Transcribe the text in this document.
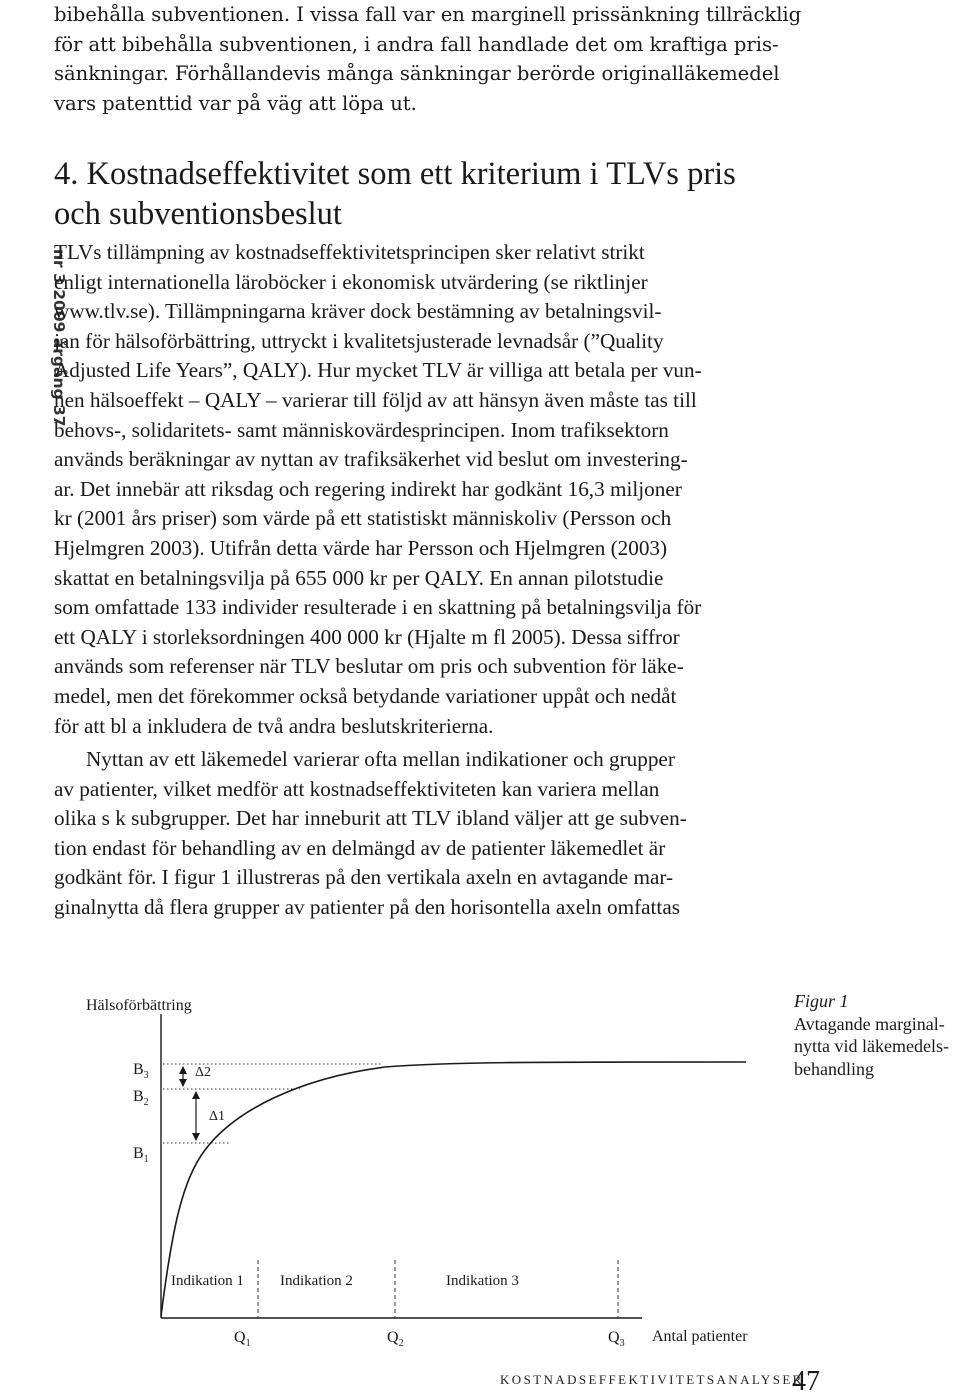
bibehålla subventionen. I vissa fall var en marginell prissänkning tillräcklig
för att bibehålla subventionen, i andra fall handlade det om kraftiga pris-
sänkningar. Förhållandevis många sänkningar berörde originalläkemedel
vars patenttid var på väg att löpa ut.
4. Kostnadseffektivitet som ett kriterium i TLVs pris
och subventionsbeslut
nr 3 2009 årgång 37
TLVs tillämpning av kostnadseffektivitetsprincipen sker relativt strikt
enligt internationella läroböcker i ekonomisk utvärdering (se riktlinjer
www.tlv.se). Tillämpningarna kräver dock bestämning av betalningsvil-
jan för hälsoförbättring, uttryckt i kvalitetsjusterade levnadsår (”Quality
Adjusted Life Years”, QALY). Hur mycket TLV är villiga att betala per vun-
nen hälsoeffekt – QALY – varierar till följd av att hänsyn även måste tas till
behovs-, solidaritets- samt människovärdesprincipen. Inom trafiksektorn
används beräkningar av nyttan av trafiksäkerhet vid beslut om investering-
ar. Det innebär att riksdag och regering indirekt har godkänt 16,3 miljoner
kr (2001 års priser) som värde på ett statistiskt människoliv (Persson och
Hjelmgren 2003). Utifrån detta värde har Persson och Hjelmgren (2003)
skattat en betalningsvilja på 655 000 kr per QALY. En annan pilotstudie
som omfattade 133 individer resulterade i en skattning på betalningsvilja för
ett QALY i storleksordningen 400 000 kr (Hjalte m fl 2005). Dessa siffror
används som referenser när TLV beslutar om pris och subvention för läke-
medel, men det förekommer också betydande variationer uppåt och nedåt
för att bl a inkludera de två andra beslutskriterierna.
Nyttan av ett läkemedel varierar ofta mellan indikationer och grupper
av patienter, vilket medför att kostnadseffektiviteten kan variera mellan
olika s k subgrupper. Det har inneburit att TLV ibland väljer att ge subven-
tion endast för behandling av en delmängd av de patienter läkemedlet är
godkänt för. I figur 1 illustreras på den vertikala axeln en avtagande mar-
ginalnytta då flera grupper av patienter på den horisontella axeln omfattas
Hälsoförbättring
Antal patienter
$B_3$
$B_2$
$B_1$
Δ2
Δ1
Indikation 1 Indikation 2	Indikation 3
$Q_1$	$Q_2$	$Q_3$
Figur 1
Avtagande marginal-
nytta vid läkemedels-
behandling
KOSTNADSEFFEKTIVITETSANALYSER
47
